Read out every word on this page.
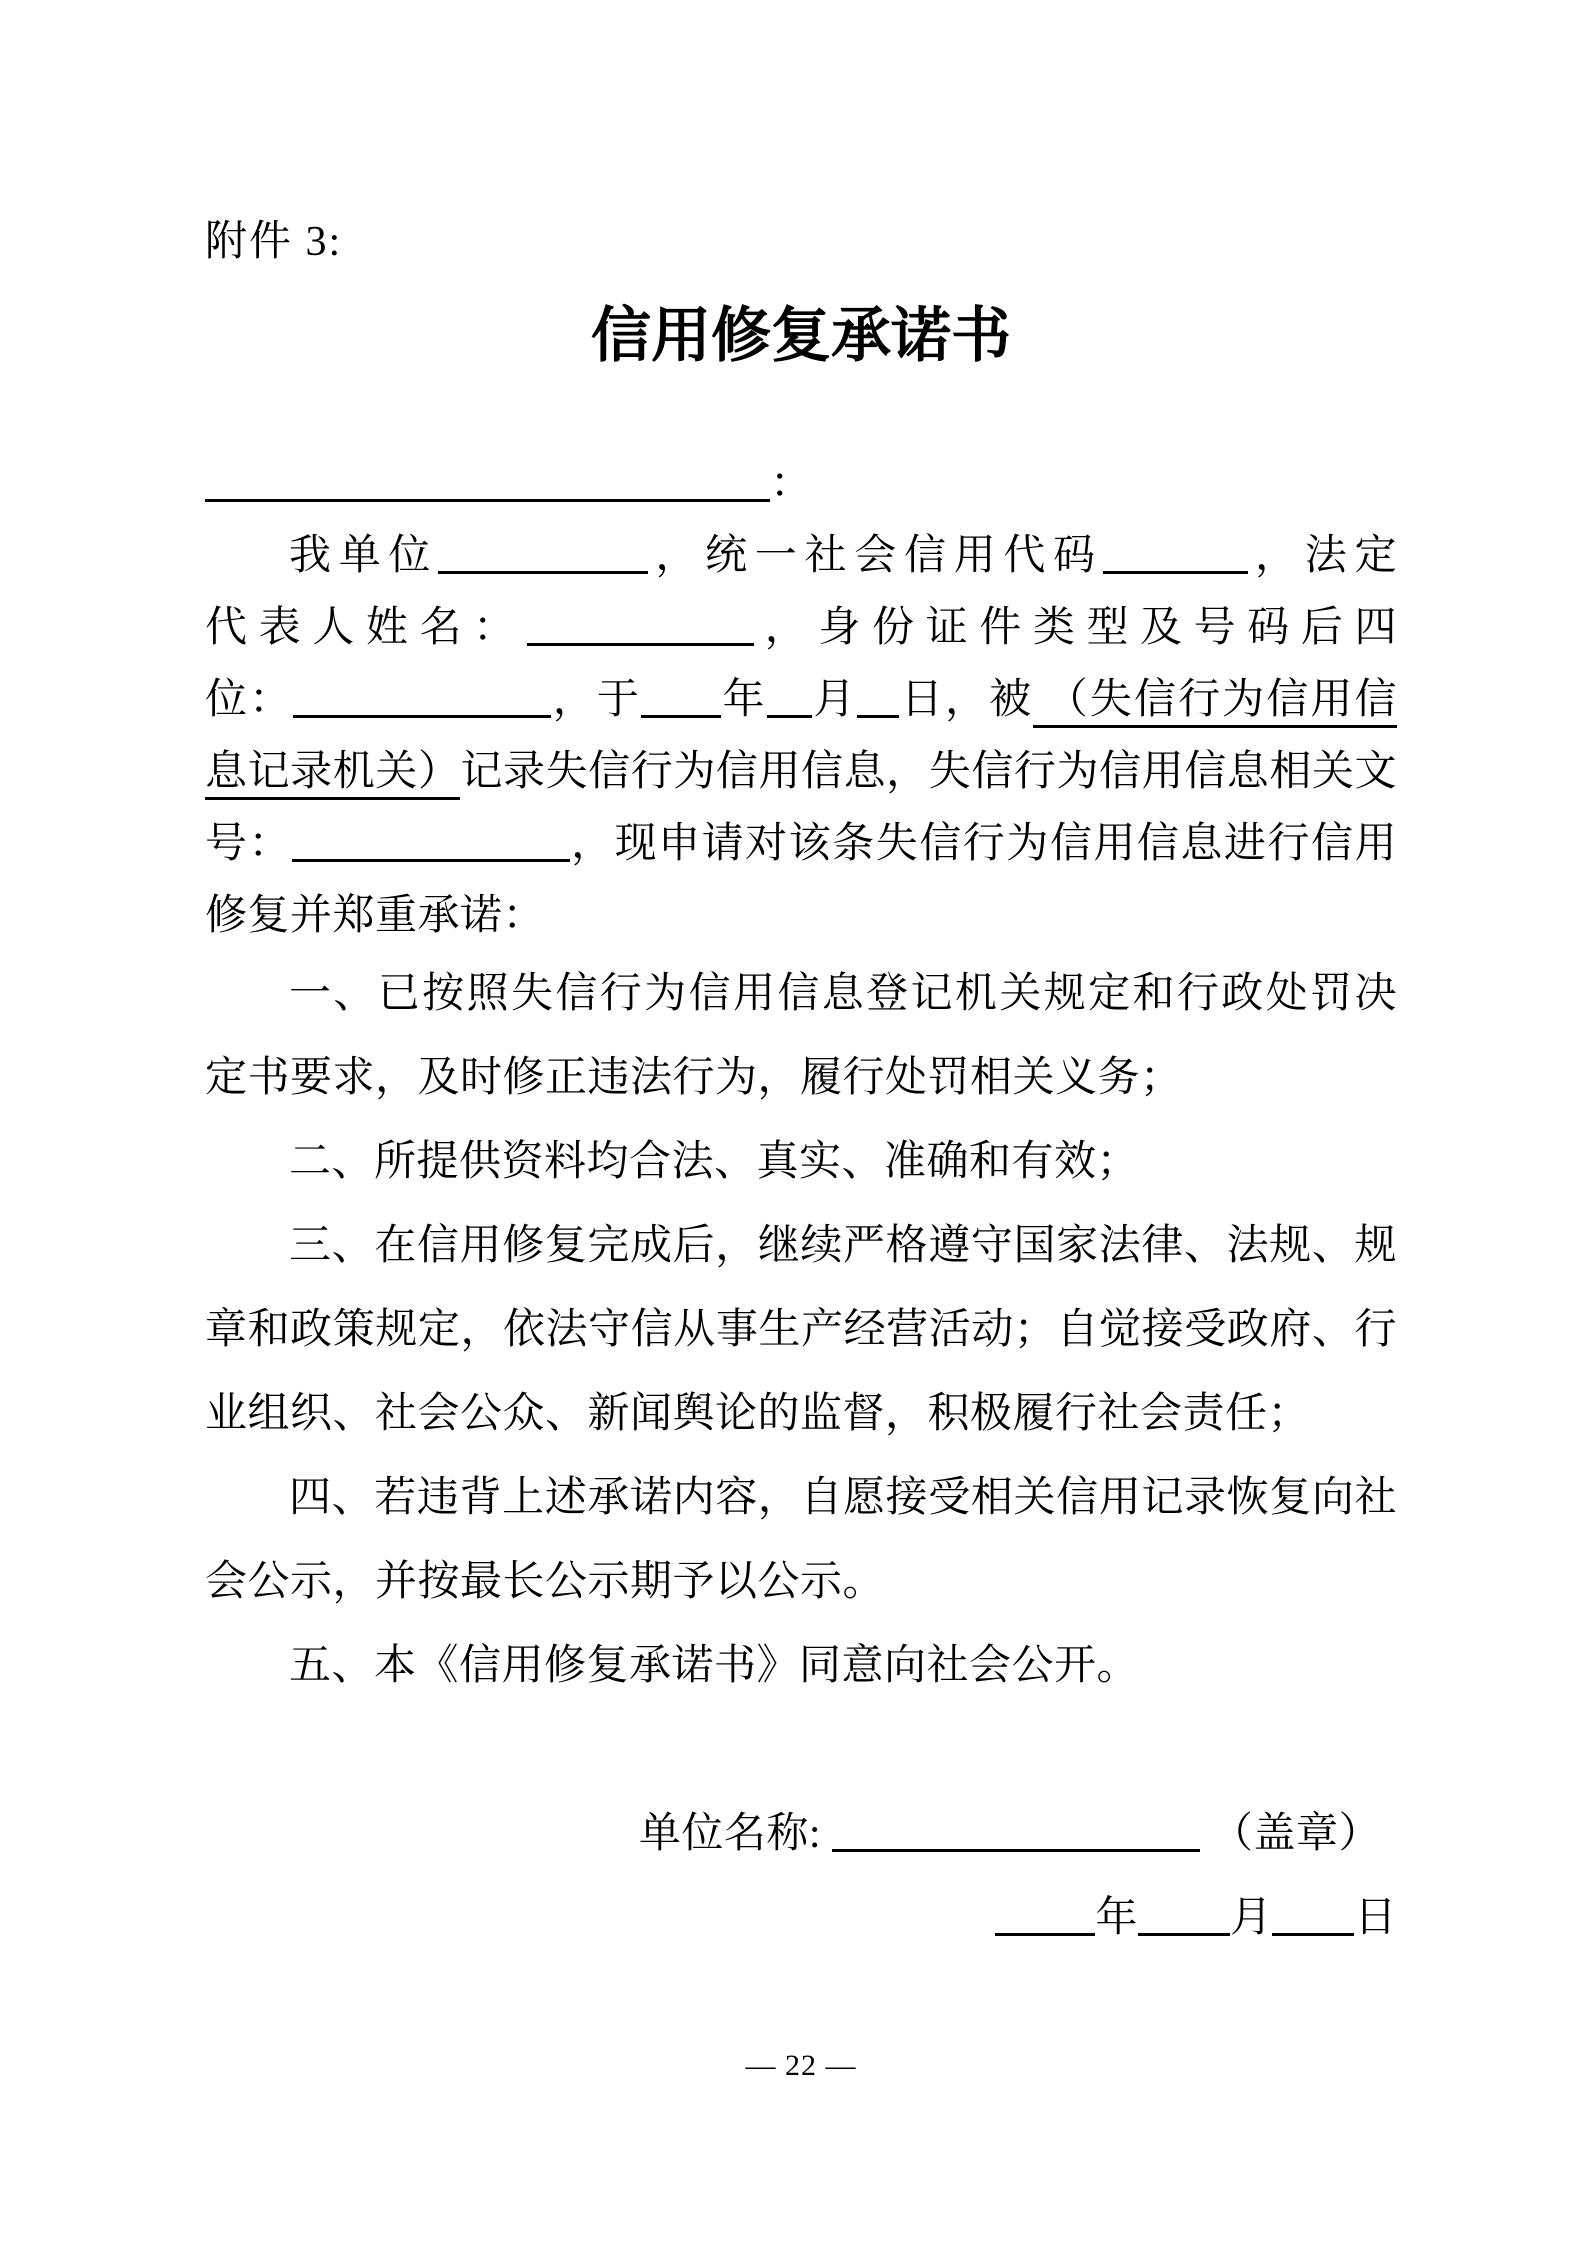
附件 3:
信用修复承诺书
：
我单位	，统一社会信用代码	，法定
代表人姓名：	，身份证件类型及号码后四
位：	，于 年 月 日，被 （失信行为信用信
息记录机关）记录失信行为信用信息，失信行为信用信息相关文
号：	，现申请对该条失信行为信用信息进行信用
修复并郑重承诺：
一、已按照失信行为信用信息登记机关规定和行政处罚决
定书要求，及时修正违法行为，履行处罚相关义务；
二、所提供资料均合法、真实、准确和有效；
三、在信用修复完成后，继续严格遵守国家法律、法规、规
章和政策规定，依法守信从事生产经营活动；自觉接受政府、行
业组织、社会公众、新闻舆论的监督，积极履行社会责任；
四、若违背上述承诺内容，自愿接受相关信用记录恢复向社
会公示，并按最长公示期予以公示。
五、本《信用修复承诺书》同意向社会公开。
单位名称:	（盖章）
年 月 日
— 22 —
